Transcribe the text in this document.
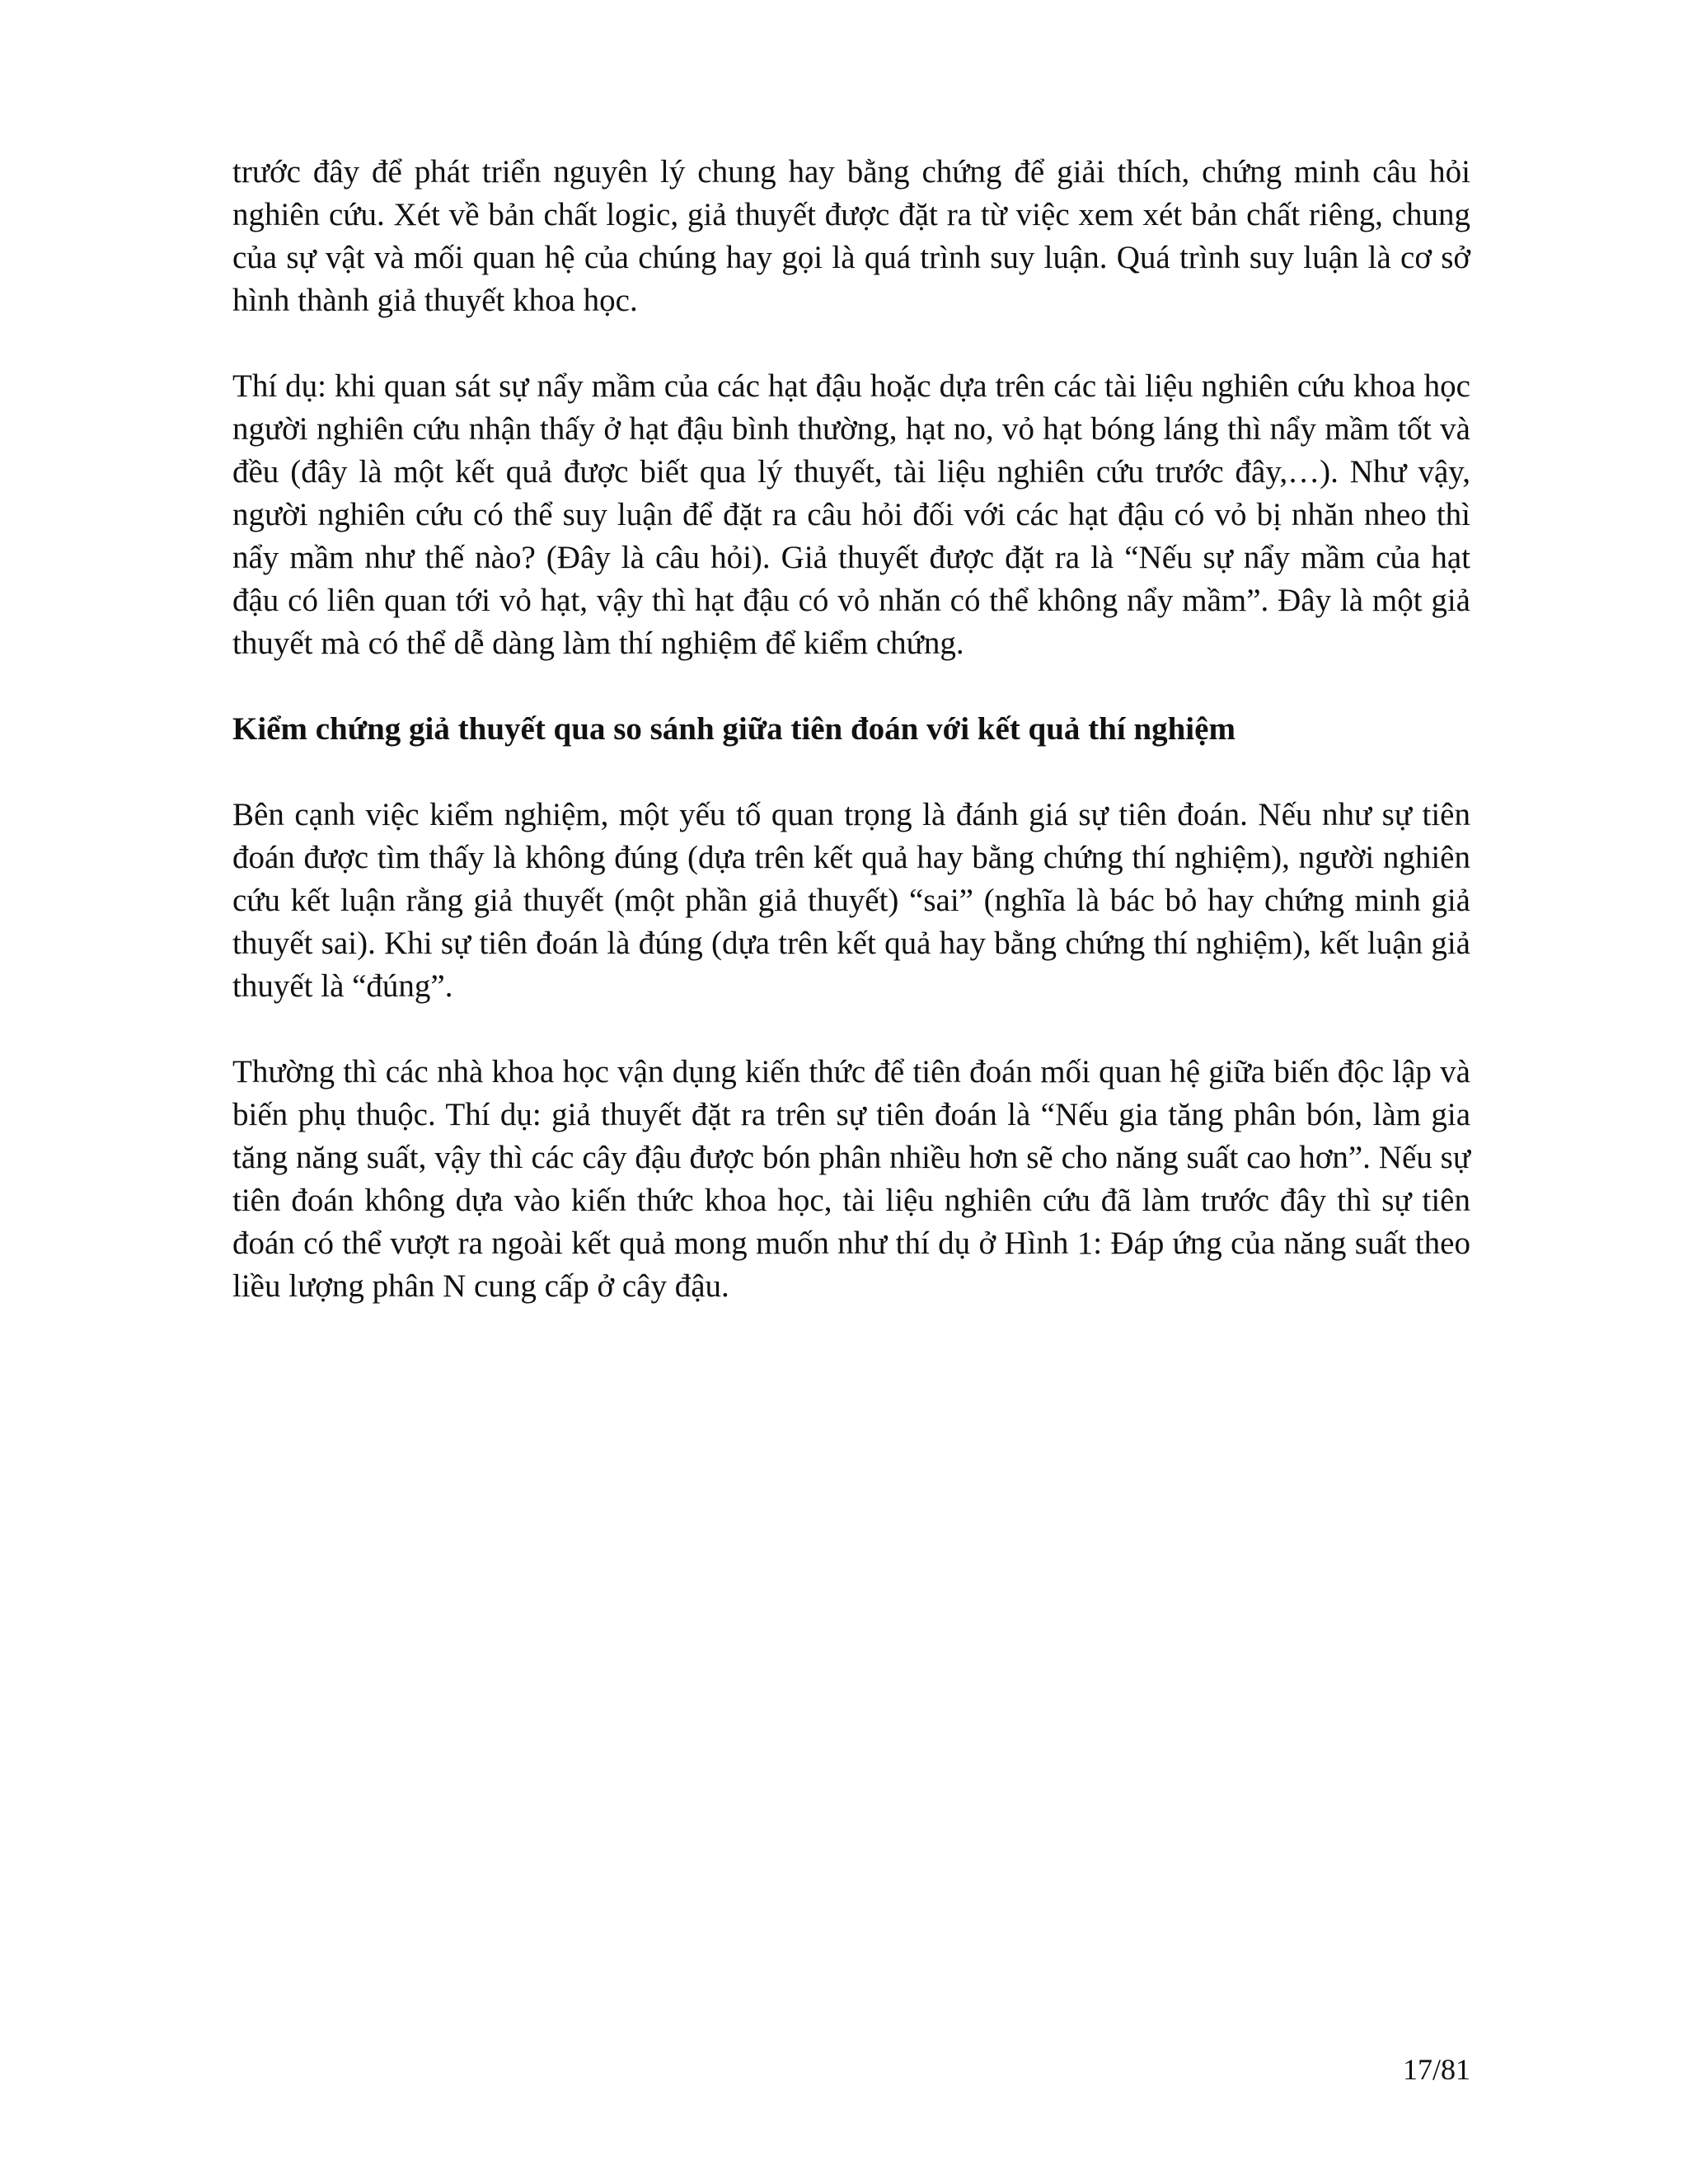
trước đây để phát triển nguyên lý chung hay bằng chứng để giải thích, chứng minh câu hỏi nghiên cứu. Xét về bản chất logic, giả thuyết được đặt ra từ việc xem xét bản chất riêng, chung của sự vật và mối quan hệ của chúng hay gọi là quá trình suy luận. Quá trình suy luận là cơ sở hình thành giả thuyết khoa học.

Thí dụ: khi quan sát sự nẩy mầm của các hạt đậu hoặc dựa trên các tài liệu nghiên cứu khoa học người nghiên cứu nhận thấy ở hạt đậu bình thường, hạt no, vỏ hạt bóng láng thì nẩy mầm tốt và đều (đây là một kết quả được biết qua lý thuyết, tài liệu nghiên cứu trước đây,…). Như vậy, người nghiên cứu có thể suy luận để đặt ra câu hỏi đối với các hạt đậu có vỏ bị nhăn nheo thì nẩy mầm như thế nào? (Đây là câu hỏi). Giả thuyết được đặt ra là “Nếu sự nẩy mầm của hạt đậu có liên quan tới vỏ hạt, vậy thì hạt đậu có vỏ nhăn có thể không nẩy mầm”. Đây là một giả thuyết mà có thể dễ dàng làm thí nghiệm để kiểm chứng.

Kiểm chứng giả thuyết qua so sánh giữa tiên đoán với kết quả thí nghiệm

Bên cạnh việc kiểm nghiệm, một yếu tố quan trọng là đánh giá sự tiên đoán. Nếu như sự tiên đoán được tìm thấy là không đúng (dựa trên kết quả hay bằng chứng thí nghiệm), người nghiên cứu kết luận rằng giả thuyết (một phần giả thuyết) “sai” (nghĩa là bác bỏ hay chứng minh giả thuyết sai). Khi sự tiên đoán là đúng (dựa trên kết quả hay bằng chứng thí nghiệm), kết luận giả thuyết là “đúng”.

Thường thì các nhà khoa học vận dụng kiến thức để tiên đoán mối quan hệ giữa biến độc lập và biến phụ thuộc. Thí dụ: giả thuyết đặt ra trên sự tiên đoán là “Nếu gia tăng phân bón, làm gia tăng năng suất, vậy thì các cây đậu được bón phân nhiều hơn sẽ cho năng suất cao hơn”. Nếu sự tiên đoán không dựa vào kiến thức khoa học, tài liệu nghiên cứu đã làm trước đây thì sự tiên đoán có thể vượt ra ngoài kết quả mong muốn như thí dụ ở Hình 1: Đáp ứng của năng suất theo liều lượng phân N cung cấp ở cây đậu.

17/81
